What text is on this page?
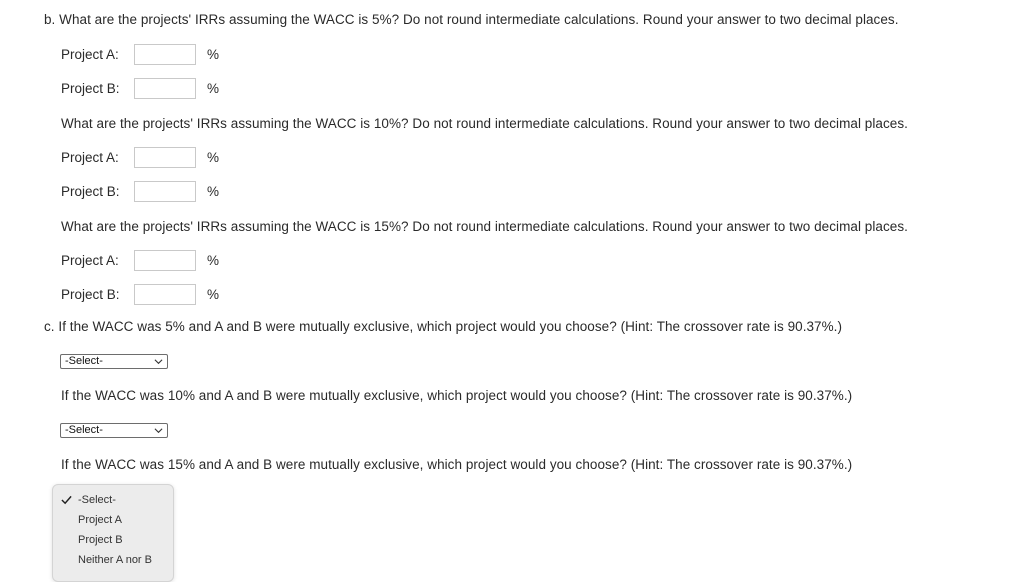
b. What are the projects' IRRs assuming the WACC is 5%? Do not round intermediate calculations. Round your answer to two decimal places.
Project A:	%
Project B:	%
What are the projects' IRRs assuming the WACC is 10%? Do not round intermediate calculations. Round your answer to two decimal places.
Project A:	%
Project B:	%
What are the projects' IRRs assuming the WACC is 15%? Do not round intermediate calculations. Round your answer to two decimal places.
Project A:	%
Project B:	%
c. If the WACC was 5% and A and B were mutually exclusive, which project would you choose? (Hint: The crossover rate is 90.37%.)
-Select-
If the WACC was 10% and A and B were mutually exclusive, which project would you choose? (Hint: The crossover rate is 90.37%.)
-Select-
If the WACC was 15% and A and B were mutually exclusive, which project would you choose? (Hint: The crossover rate is 90.37%.)
-Select-
Project A
Project B
Neither A nor B
